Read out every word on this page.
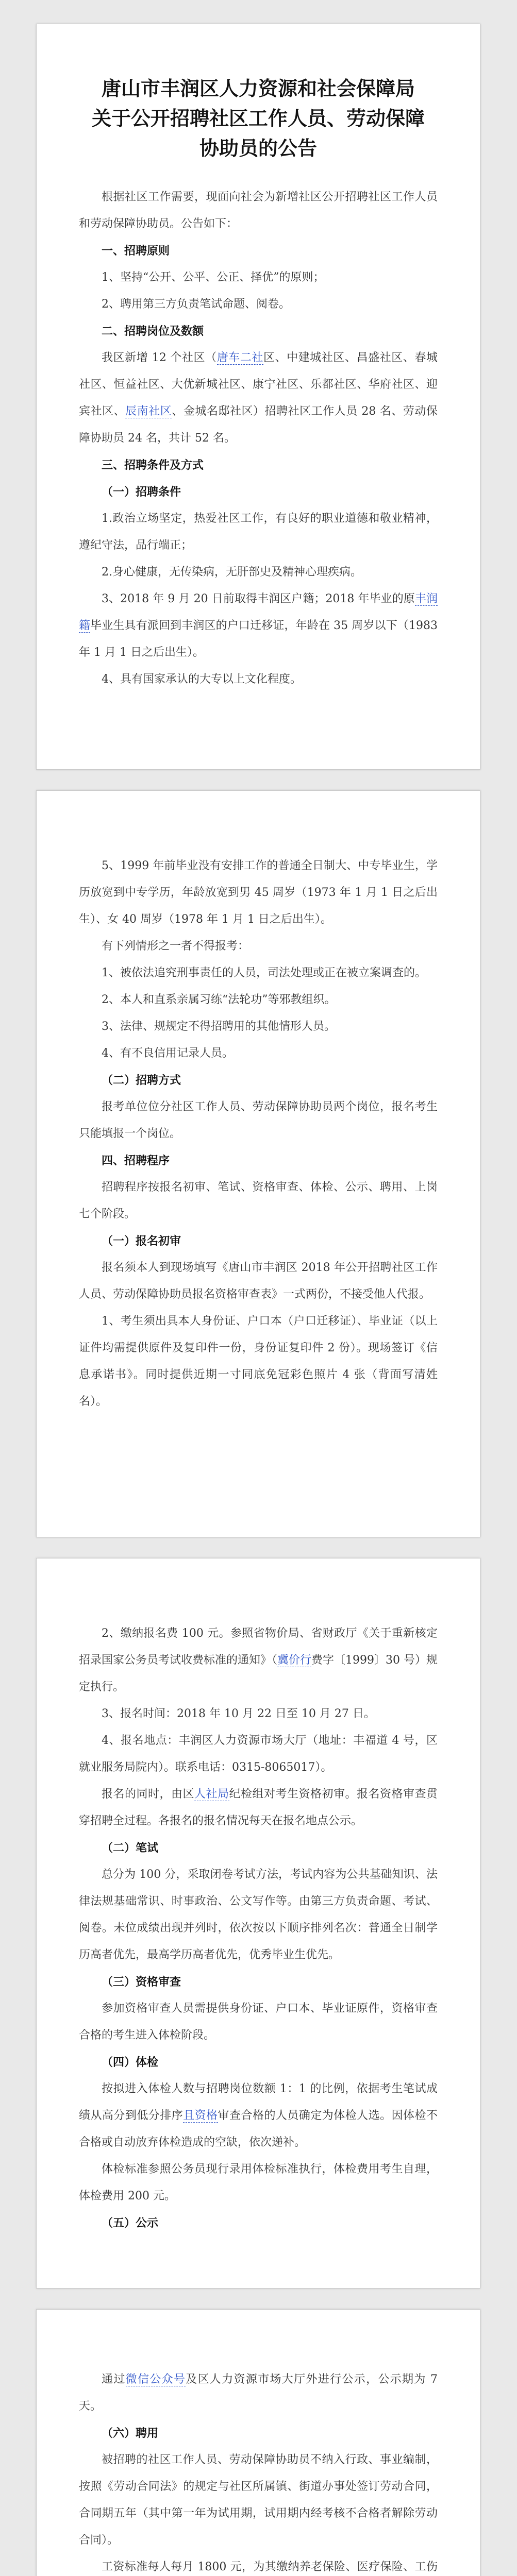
唐山市丰润区人力资源和社会保障局
关于公开招聘社区工作人员、劳动保障
协助员的公告

根据社区工作需要，现面向社会为新增社区公开招聘社区工作人员和劳动保障协助员。公告如下：

一、招聘原则

1、坚持“公开、公平、公正、择优”的原则；

2、聘用第三方负责笔试命题、阅卷。

二、招聘岗位及数额

我区新增 12 个社区（唐车二社区、中建城社区、昌盛社区、春城社区、恒益社区、大优新城社区、康宁社区、乐都社区、华府社区、迎宾社区、辰南社区、金城名邸社区）招聘社区工作人员 28 名、劳动保障协助员 24 名，共计 52 名。

三、招聘条件及方式

（一）招聘条件

1.政治立场坚定，热爱社区工作，有良好的职业道德和敬业精神，遵纪守法，品行端正；

2.身心健康，无传染病，无肝部史及精神心理疾病。

3、2018 年 9 月 20 日前取得丰润区户籍；2018 年毕业的原丰润籍毕业生具有派回到丰润区的户口迁移证，年龄在 35 周岁以下（1983 年 1 月 1 日之后出生）。

4、具有国家承认的大专以上文化程度。

5、1999 年前毕业没有安排工作的普通全日制大、中专毕业生，学历放宽到中专学历，年龄放宽到男 45 周岁（1973 年 1 月 1 日之后出生）、女 40 周岁（1978 年 1 月 1 日之后出生）。

有下列情形之一者不得报考：

1、被依法追究刑事责任的人员，司法处理或正在被立案调查的。

2、本人和直系亲属习练“法轮功”等邪教组织。

3、法律、规规定不得招聘用的其他情形人员。

4、有不良信用记录人员。

（二）招聘方式

报考单位位分社区工作人员、劳动保障协助员两个岗位，报名考生只能填报一个岗位。

四、招聘程序

招聘程序按报名初审、笔试、资格审查、体检、公示、聘用、上岗七个阶段。

（一）报名初审

报名须本人到现场填写《唐山市丰润区 2018 年公开招聘社区工作人员、劳动保障协助员报名资格审查表》一式两份，不接受他人代报。

1、考生须出具本人身份证、户口本（户口迁移证）、毕业证（以上证件均需提供原件及复印件一份，身份证复印件 2 份）。现场签订《信息承诺书》。同时提供近期一寸同底免冠彩色照片 4 张（背面写清姓名）。

2、缴纳报名费 100 元。参照省物价局、省财政厅《关于重新核定招录国家公务员考试收费标准的通知》（冀价行费字〔1999〕30 号）规定执行。

3、报名时间：2018 年 10 月 22 日至 10 月 27 日。

4、报名地点：丰润区人力资源市场大厅（地址：丰福道 4 号，区就业服务局院内）。联系电话：0315-8065017）。

报名的同时，由区人社局纪检组对考生资格初审。报名资格审查贯穿招聘全过程。各报名的报名情况每天在报名地点公示。

（二）笔试

总分为 100 分，采取闭卷考试方法，考试内容为公共基础知识、法律法规基础常识、时事政治、公文写作等。由第三方负责命题、考试、阅卷。未位成绩出现并列时，依次按以下顺序排列名次：普通全日制学历高者优先，最高学历高者优先，优秀毕业生优先。

（三）资格审查

参加资格审查人员需提供身份证、户口本、毕业证原件，资格审查合格的考生进入体检阶段。

（四）体检

按拟进入体检人数与招聘岗位数额 1：1 的比例，依据考生笔试成绩从高分到低分排序且资格审查合格的人员确定为体检人选。因体检不合格或自动放弃体检造成的空缺，依次递补。

体检标准参照公务员现行录用体检标准执行，体检费用考生自理，体检费用 200 元。

（五）公示

通过微信公众号及区人力资源市场大厅外进行公示，公示期为 7 天。

（六）聘用

被招聘的社区工作人员、劳动保障协助员不纳入行政、事业编制，按照《劳动合同法》的规定与社区所属镇、街道办事处签订劳动合同，合同期五年（其中第一年为试用期，试用期内经考核不合格者解除劳动合同）。

工资标准每人每月 1800 元，为其缴纳养老保险、医疗保险、工伤
